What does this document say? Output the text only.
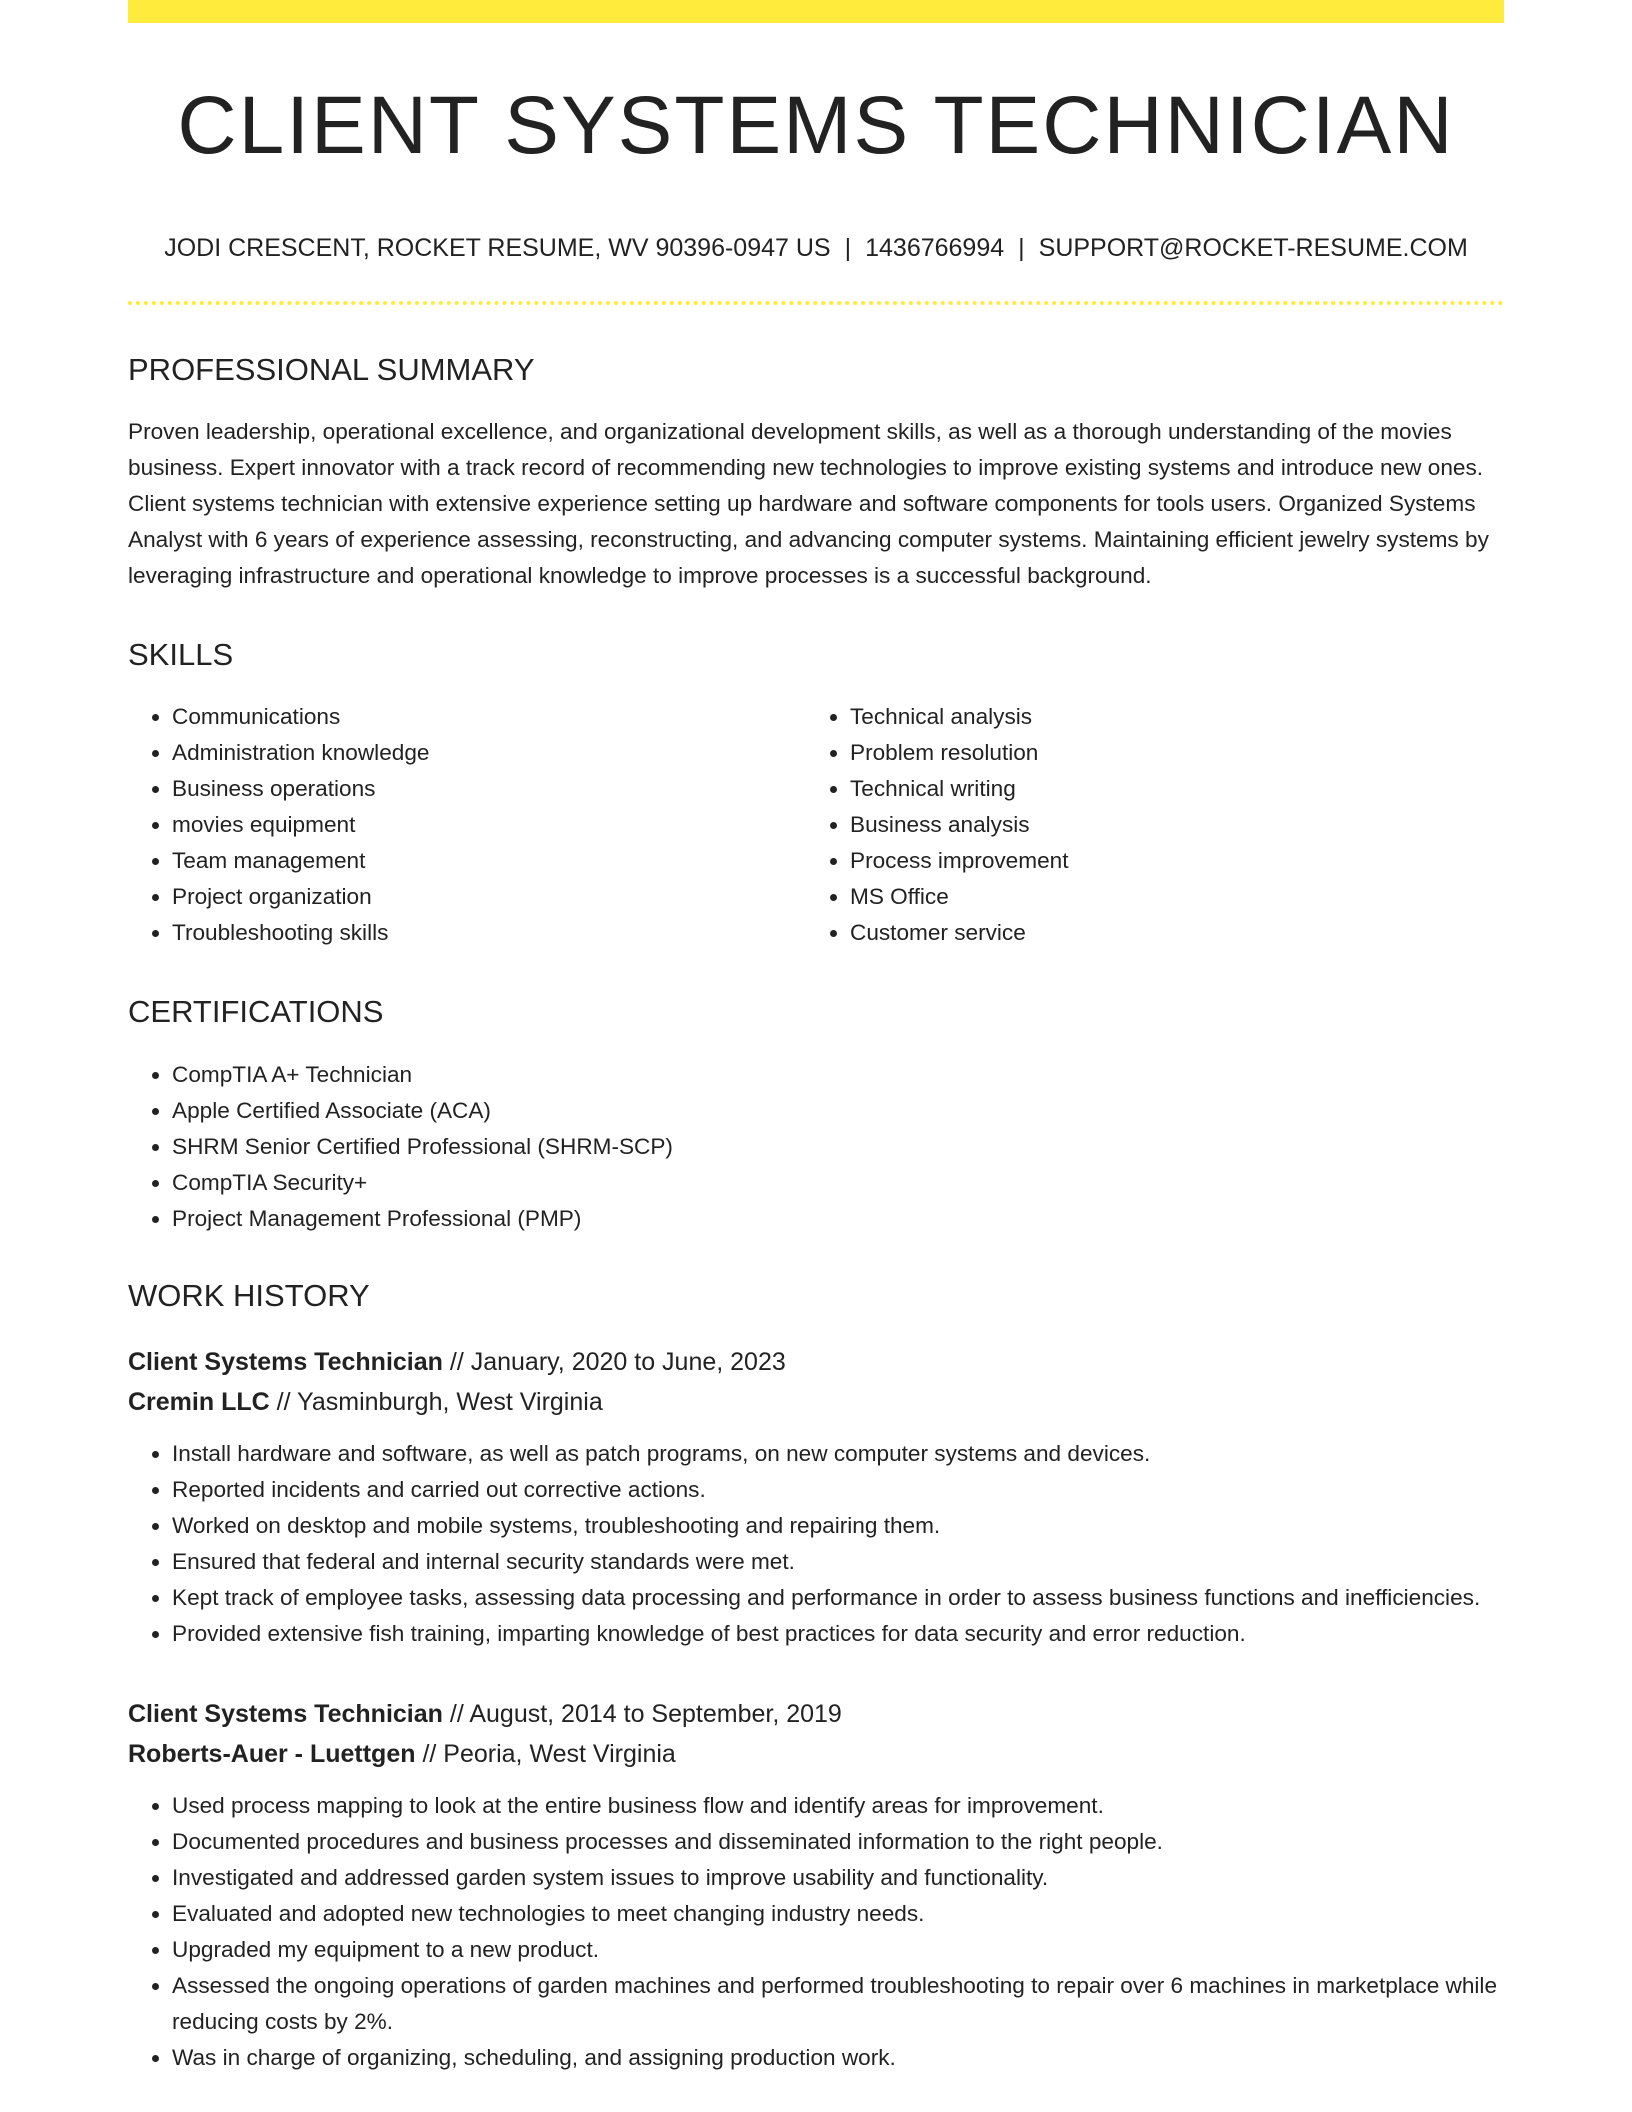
CLIENT SYSTEMS TECHNICIAN
JODI CRESCENT, ROCKET RESUME, WV 90396-0947 US | 1436766994 | SUPPORT@ROCKET-RESUME.COM
PROFESSIONAL SUMMARY

Proven leadership, operational excellence, and organizational development skills, as well as a thorough understanding of the movies business. Expert innovator with a track record of recommending new technologies to improve existing systems and introduce new ones. Client systems technician with extensive experience setting up hardware and software components for tools users. Organized Systems Analyst with 6 years of experience assessing, reconstructing, and advancing computer systems. Maintaining efficient jewelry systems by leveraging infrastructure and operational knowledge to improve processes is a successful background.

SKILLS
• Communications
• Administration knowledge
• Business operations
• movies equipment
• Team management
• Project organization
• Troubleshooting skills
• Technical analysis
• Problem resolution
• Technical writing
• Business analysis
• Process improvement
• MS Office
• Customer service
CERTIFICATIONS
• CompTIA A+ Technician
• Apple Certified Associate (ACA)
• SHRM Senior Certified Professional (SHRM-SCP)
• CompTIA Security+
• Project Management Professional (PMP)
WORK HISTORY
Client Systems Technician // January, 2020 to June, 2023
Cremin LLC // Yasminburgh, West Virginia
• Install hardware and software, as well as patch programs, on new computer systems and devices.
• Reported incidents and carried out corrective actions.
• Worked on desktop and mobile systems, troubleshooting and repairing them.
• Ensured that federal and internal security standards were met.
• Kept track of employee tasks, assessing data processing and performance in order to assess business functions and inefficiencies.
• Provided extensive fish training, imparting knowledge of best practices for data security and error reduction.
Client Systems Technician // August, 2014 to September, 2019
Roberts-Auer - Luettgen // Peoria, West Virginia
• Used process mapping to look at the entire business flow and identify areas for improvement.
• Documented procedures and business processes and disseminated information to the right people.
• Investigated and addressed garden system issues to improve usability and functionality.
• Evaluated and adopted new technologies to meet changing industry needs.
• Upgraded my equipment to a new product.
• Assessed the ongoing operations of garden machines and performed troubleshooting to repair over 6 machines in marketplace while reducing costs by 2%.
• Was in charge of organizing, scheduling, and assigning production work.
